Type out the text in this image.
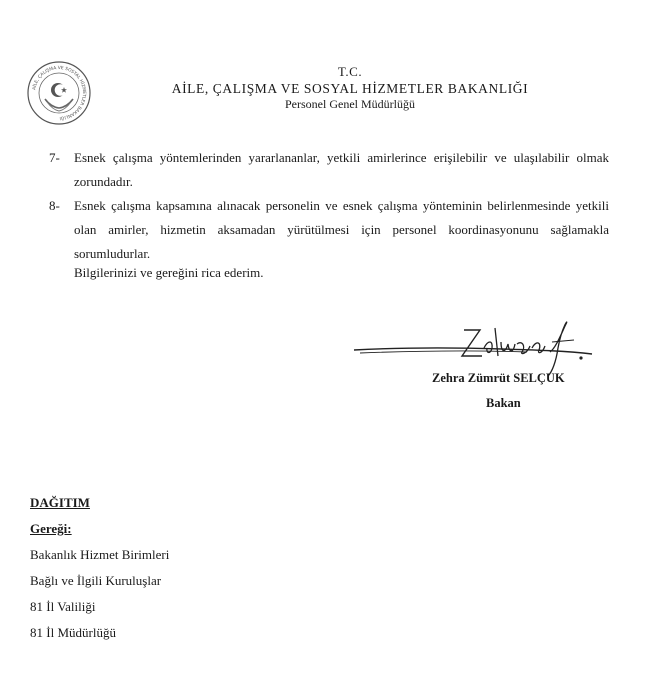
AİLE, ÇALIŞMA VE SOSYAL HİZMETLER BAKANLIĞI
T.C.
AİLE, ÇALIŞMA VE SOSYAL HİZMETLER BAKANLIĞI
Personel Genel Müdürlüğü
7- Esnek çalışma yöntemlerinden yararlananlar, yetkili amirlerince erişilebilir ve ulaşılabilir olmak zorundadır.
8- Esnek çalışma kapsamına alınacak personelin ve esnek çalışma yönteminin belirlenmesinde yetkili olan amirler, hizmetin aksamadan yürütülmesi için personel koordinasyonunu sağlamakla sorumludurlar.
Bilgilerinizi ve gereğini rica ederim.
Zehra Zümrüt SELÇUK
Bakan
DAĞITIM
Gereği:
Bakanlık Hizmet Birimleri
Bağlı ve İlgili Kuruluşlar
81 İl Valiliği
81 İl Müdürlüğü
